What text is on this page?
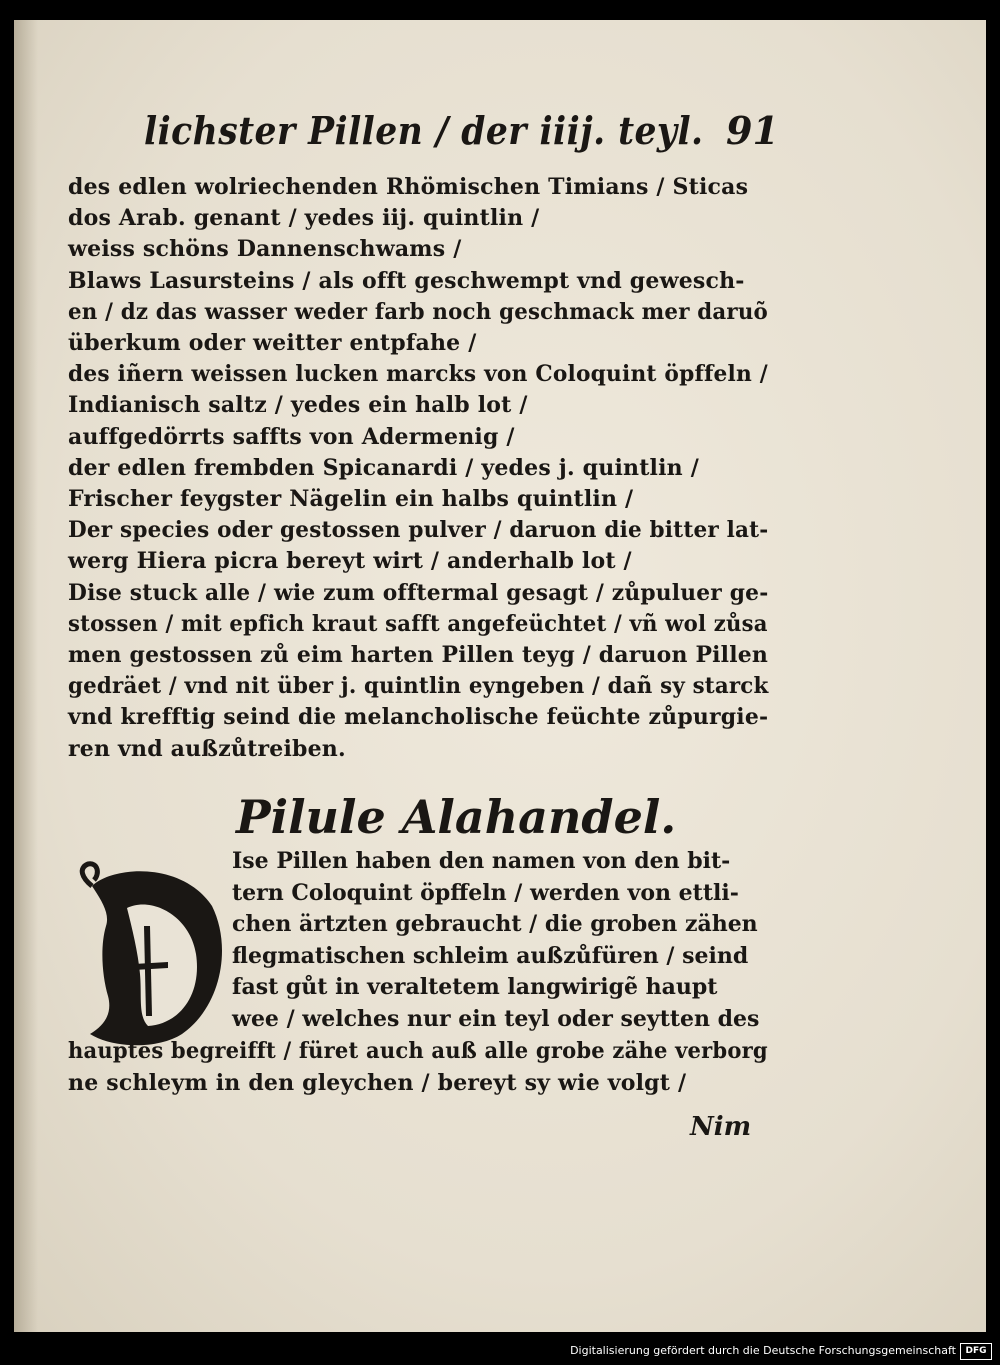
lichster Pillen / der iiij. teyl. 91
des edlen wolriechenden Rhömischen Timians / Sticas
dos Arab. genant / yedes iij. quintlin /
weiss schöns Dannenschwams /
Blaws Lasursteins / als offt geschwempt vnd gewesch-
en / dz das wasser weder farb noch geschmack mer daruõ
überkum oder weitter entpfahe /
des iñern weissen lucken marcks von Coloquint öpffeln /
Indianisch saltz / yedes ein halb lot /
auffgedörrts saffts von Adermenig /
der edlen frembden Spicanardi / yedes j. quintlin /
Frischer feygster Nägelin ein halbs quintlin /
Der species oder gestossen pulver / daruon die bitter lat-
werg Hiera picra bereyt wirt / anderhalb lot /
Dise stuck alle / wie zum offtermal gesagt / zůpuluer ge-
stossen / mit epfich kraut safft angefeüchtet / vñ wol zůsa
men gestossen zů eim harten Pillen teyg / daruon Pillen
gedräet / vnd nit über j. quintlin eyngeben / dañ sy starck
vnd krefftig seind die melancholische feüchte zůpurgie-
ren vnd außzůtreiben.
Pilule Alahandel.
D
Ise Pillen haben den namen von den bit-
tern Coloquint öpffeln / werden von ettli-
chen ärtzten gebraucht / die groben zähen
flegmatischen schleim außzůfüren / seind
fast gůt in veraltetem langwirigẽ haupt
wee / welches nur ein teyl oder seytten des
hauptes begreifft / füret auch auß alle grobe zähe verborg
ne schleym in den gleychen / bereyt sy wie volgt /
Nim
Digitalisierung gefördert durch die Deutsche Forschungsgemeinschaft	DFG
